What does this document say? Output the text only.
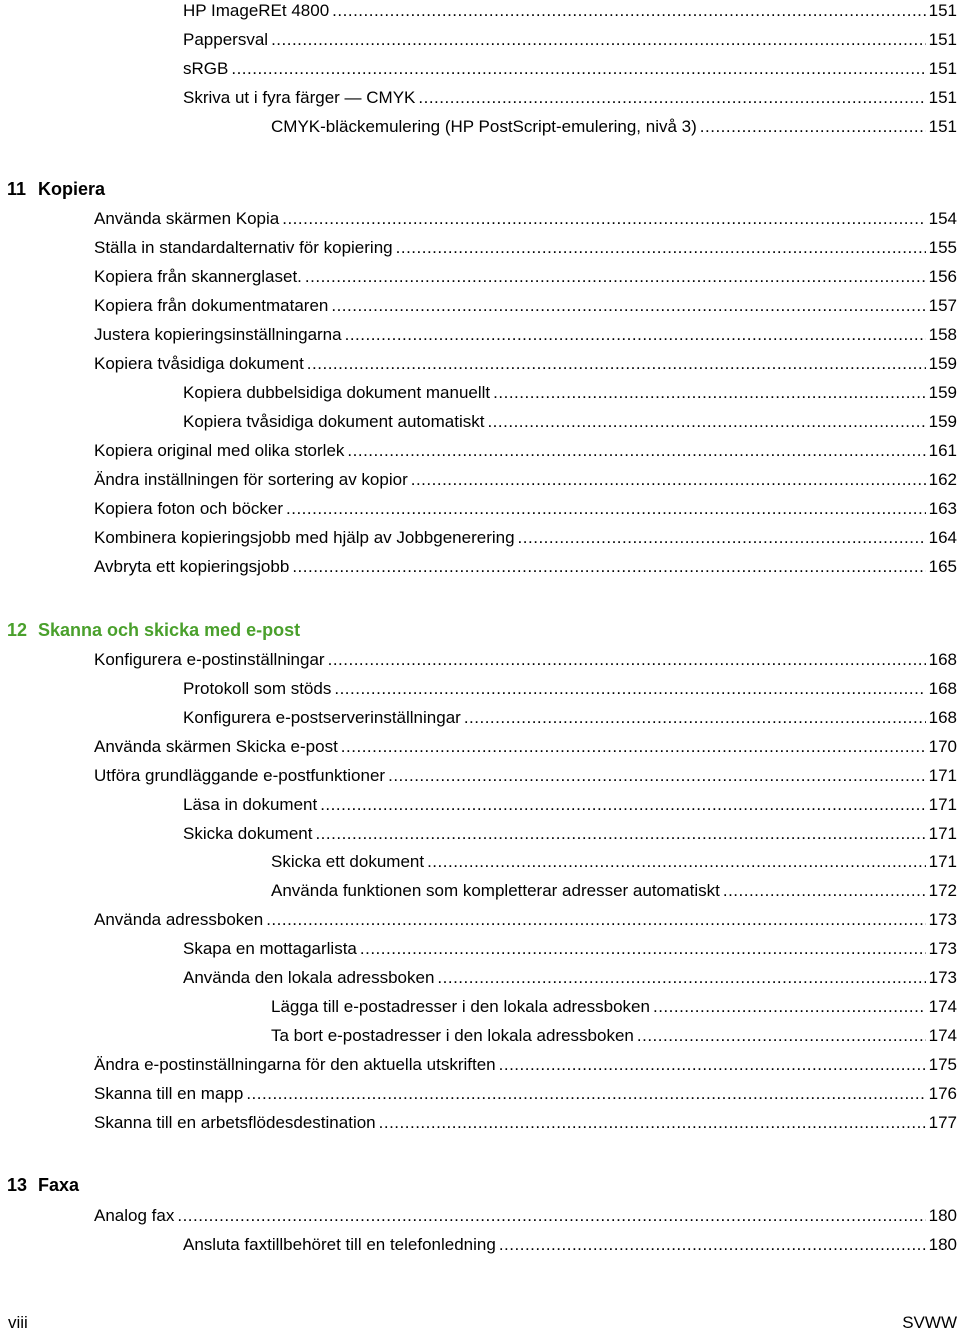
HP ImageREt 4800 .....	151
Pappersval .....	151
sRGB .....	151
Skriva ut i fyra färger — CMYK .....	151
CMYK-bläckemulering (HP PostScript-emulering, nivå 3) .....	151
11 Kopiera
Använda skärmen Kopia .....	154
Ställa in standardalternativ för kopiering .....	155
Kopiera från skannerglaset. .....	156
Kopiera från dokumentmataren .....	157
Justera kopieringsinställningarna .....	158
Kopiera tvåsidiga dokument .....	159
Kopiera dubbelsidiga dokument manuellt .....	159
Kopiera tvåsidiga dokument automatiskt .....	159
Kopiera original med olika storlek .....	161
Ändra inställningen för sortering av kopior .....	162
Kopiera foton och böcker .....	163
Kombinera kopieringsjobb med hjälp av Jobbgenerering .....	164
Avbryta ett kopieringsjobb .....	165
12 Skanna och skicka med e-post
Konfigurera e-postinställningar .....	168
Protokoll som stöds .....	168
Konfigurera e-postserverinställningar .....	168
Använda skärmen Skicka e-post .....	170
Utföra grundläggande e-postfunktioner .....	171
Läsa in dokument .....	171
Skicka dokument .....	171
Skicka ett dokument .....	171
Använda funktionen som kompletterar adresser automatiskt .....	172
Använda adressboken .....	173
Skapa en mottagarlista .....	173
Använda den lokala adressboken .....	173
Lägga till e-postadresser i den lokala adressboken .....	174
Ta bort e-postadresser i den lokala adressboken .....	174
Ändra e-postinställningarna för den aktuella utskriften .....	175
Skanna till en mapp .....	176
Skanna till en arbetsflödesdestination .....	177
13 Faxa
Analog fax .....	180
Ansluta faxtillbehöret till en telefonledning .....	180
viii	SVWW
